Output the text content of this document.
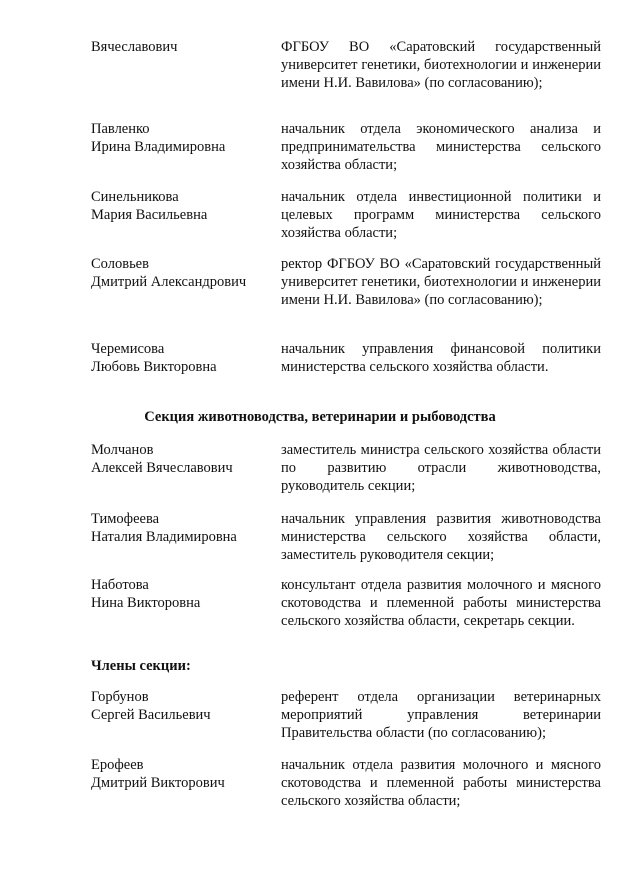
Вячеславович	ФГБОУ ВО «Саратовский государственный университет генетики, биотехнологии и инженерии имени Н.И. Вавилова» (по согласованию);
Павленко
Ирина Владимировна
начальник отдела экономического анализа и предпринимательства министерства сельского хозяйства области;
Синельникова
Мария Васильевна
начальник отдела инвестиционной политики и целевых программ министерства сельского хозяйства области;
Соловьев
Дмитрий Александрович
ректор ФГБОУ ВО «Саратовский государственный университет генетики, биотехнологии и инженерии имени Н.И. Вавилова» (по согласованию);
Черемисова
Любовь Викторовна
начальник управления финансовой политики министерства сельского хозяйства области.
Секция животноводства, ветеринарии и рыбоводства
Молчанов
Алексей Вячеславович
заместитель министра сельского хозяйства области по развитию отрасли животноводства, руководитель секции;
Тимофеева
Наталия Владимировна
начальник управления развития животноводства министерства сельского хозяйства области, заместитель руководителя секции;
Наботова
Нина Викторовна
консультант отдела развития молочного и мясного скотоводства и племенной работы министерства сельского хозяйства области, секретарь секции.
Члены секции:
Горбунов
Сергей Васильевич
референт отдела организации ветеринарных мероприятий управления ветеринарии Правительства области (по согласованию);
Ерофеев
Дмитрий Викторович
начальник отдела развития молочного и мясного скотоводства и племенной работы министерства сельского хозяйства области;
